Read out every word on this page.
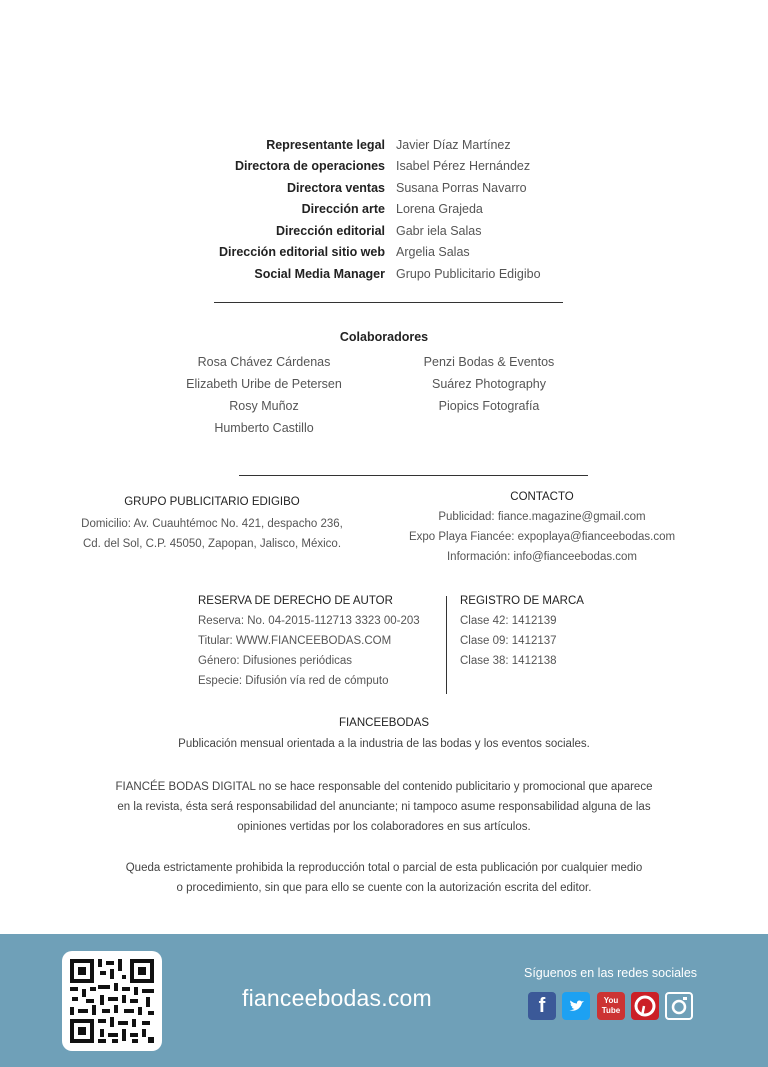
Representante legal Javier Díaz Martínez
Directora de operaciones Isabel Pérez Hernández
Directora ventas Susana Porras Navarro
Dirección arte Lorena Grajeda
Dirección editorial Gabr iela Salas
Dirección editorial sitio web Argelia Salas
Social Media Manager Grupo Publicitario Edigibo
Colaboradores
Rosa Chávez Cárdenas
Elizabeth Uribe de Petersen
Rosy Muñoz
Humberto Castillo
Penzi Bodas & Eventos
Suárez Photography
Piopics Fotografía
GRUPO PUBLICITARIO EDIGIBO
Domicilio: Av. Cuauhtémoc No. 421, despacho 236,
Cd. del Sol, C.P. 45050, Zapopan, Jalisco, México.
CONTACTO
Publicidad: fiance.magazine@gmail.com
Expo Playa Fiancée: expoplaya@fianceebodas.com
Información: info@fianceebodas.com
RESERVA DE DERECHO DE AUTOR
Reserva: No. 04-2015-112713 3323 00-203
Titular: WWW.FIANCEEBODAS.COM
Género: Difusiones periódicas
Especie: Difusión vía red de cómputo
REGISTRO DE MARCA
Clase 42: 1412139
Clase 09: 1412137
Clase 38: 1412138
FIANCEEBODAS
Publicación mensual orientada a la industria de las bodas y los eventos sociales.
FIANCÉE BODAS DIGITAL no se hace responsable del contenido publicitario y promocional que aparece
en la revista, ésta será responsabilidad del anunciante; ni tampoco asume responsabilidad alguna de las
opiniones vertidas por los colaboradores en sus artículos.
Queda estrictamente prohibida la reproducción total o parcial de esta publicación por cualquier medio
o procedimiento, sin que para ello se cuente con la autorización escrita del editor.
fianceebodas.com
Síguenos en las redes sociales
f	You
Tube
